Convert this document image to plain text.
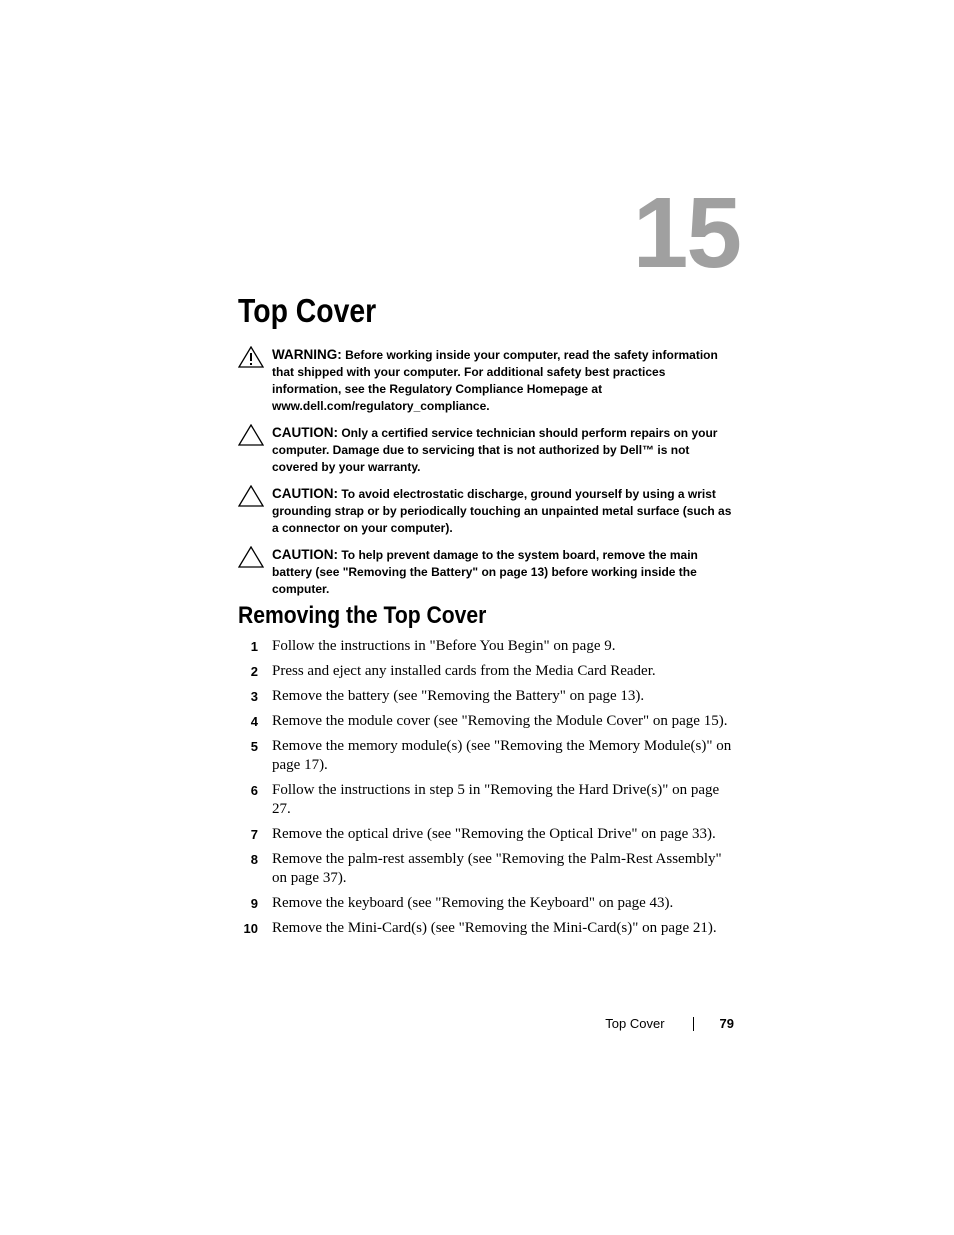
15
Top Cover
WARNING: Before working inside your computer, read the safety information that shipped with your computer. For additional safety best practices information, see the Regulatory Compliance Homepage at www.dell.com/regulatory_compliance.
CAUTION: Only a certified service technician should perform repairs on your computer. Damage due to servicing that is not authorized by Dell™ is not covered by your warranty.
CAUTION: To avoid electrostatic discharge, ground yourself by using a wrist grounding strap or by periodically touching an unpainted metal surface (such as a connector on your computer).
CAUTION: To help prevent damage to the system board, remove the main battery (see "Removing the Battery" on page 13) before working inside the computer.
Removing the Top Cover
1 Follow the instructions in "Before You Begin" on page 9.
2 Press and eject any installed cards from the Media Card Reader.
3 Remove the battery (see "Removing the Battery" on page 13).
4 Remove the module cover (see "Removing the Module Cover" on page 15).
5 Remove the memory module(s) (see "Removing the Memory Module(s)" on page 17).
6 Follow the instructions in step 5 in "Removing the Hard Drive(s)" on page 27.
7 Remove the optical drive (see "Removing the Optical Drive" on page 33).
8 Remove the palm-rest assembly (see "Removing the Palm-Rest Assembly" on page 37).
9 Remove the keyboard (see "Removing the Keyboard" on page 43).
10 Remove the Mini-Card(s) (see "Removing the Mini-Card(s)" on page 21).
Top Cover	79
